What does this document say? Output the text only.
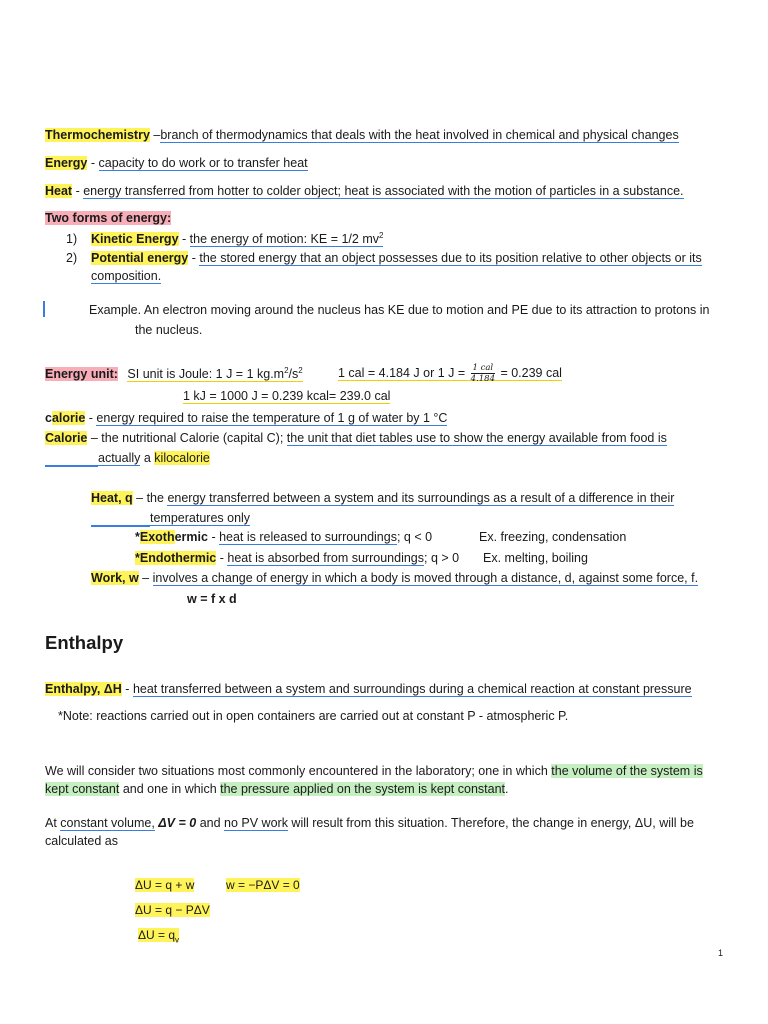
Thermochemistry –branch of thermodynamics that deals with the heat involved in chemical and physical changes
Energy - capacity to do work or to transfer heat
Heat - energy transferred from hotter to colder object; heat is associated with the motion of particles in a substance.
Two forms of energy:
1) Kinetic Energy - the energy of motion: KE = 1/2 $mv^2$
2) Potential energy - the stored energy that an object possesses due to its position relative to other objects or its
composition.
Example. An electron moving around the nucleus has KE due to motion and PE due to its attraction to protons in
the nucleus.
Energy unit: SI unit is Joule: 1 J = 1 $kg.m^2/s^2$	1 cal = 4.184 J or 1 $J = \frac{\text{1 cal}}{4.184} = 0.239$ cal
1 kJ = 1000 J = 0.239 kcal= 239.0 cal
calorie - energy required to raise the temperature of 1 g of water by 1 °C
Calorie – the nutritional Calorie (capital C); the unit that diet tables use to show the energy available from food is
actually a kilocalorie
Heat, q – the energy transferred between a system and its surroundings as a result of a difference in their
temperatures only
*Exothermic - heat is released to surroundings; q < 0	Ex. freezing, condensation
*Endothermic - heat is absorbed from surroundings; q > 0 Ex. melting, boiling
Work, w – involves a change of energy in which a body is moved through a distance, d, against some force, f.
w = f x d
Enthalpy
Enthalpy, ΔH - heat transferred between a system and surroundings during a chemical reaction at constant pressure
*Note: reactions carried out in open containers are carried out at constant P - atmospheric P.
We will consider two situations most commonly encountered in the laboratory; one in which the volume of the system is
kept constant and one in which the pressure applied on the system is kept constant.
At constant volume, ΔV = 0 and no PV work will result from this situation. Therefore, the change in energy, ΔU, will be
calculated as
ΔU = q + w	w = −PΔV = 0
ΔU = q − PΔV
$\Delta U = q_v$
1
